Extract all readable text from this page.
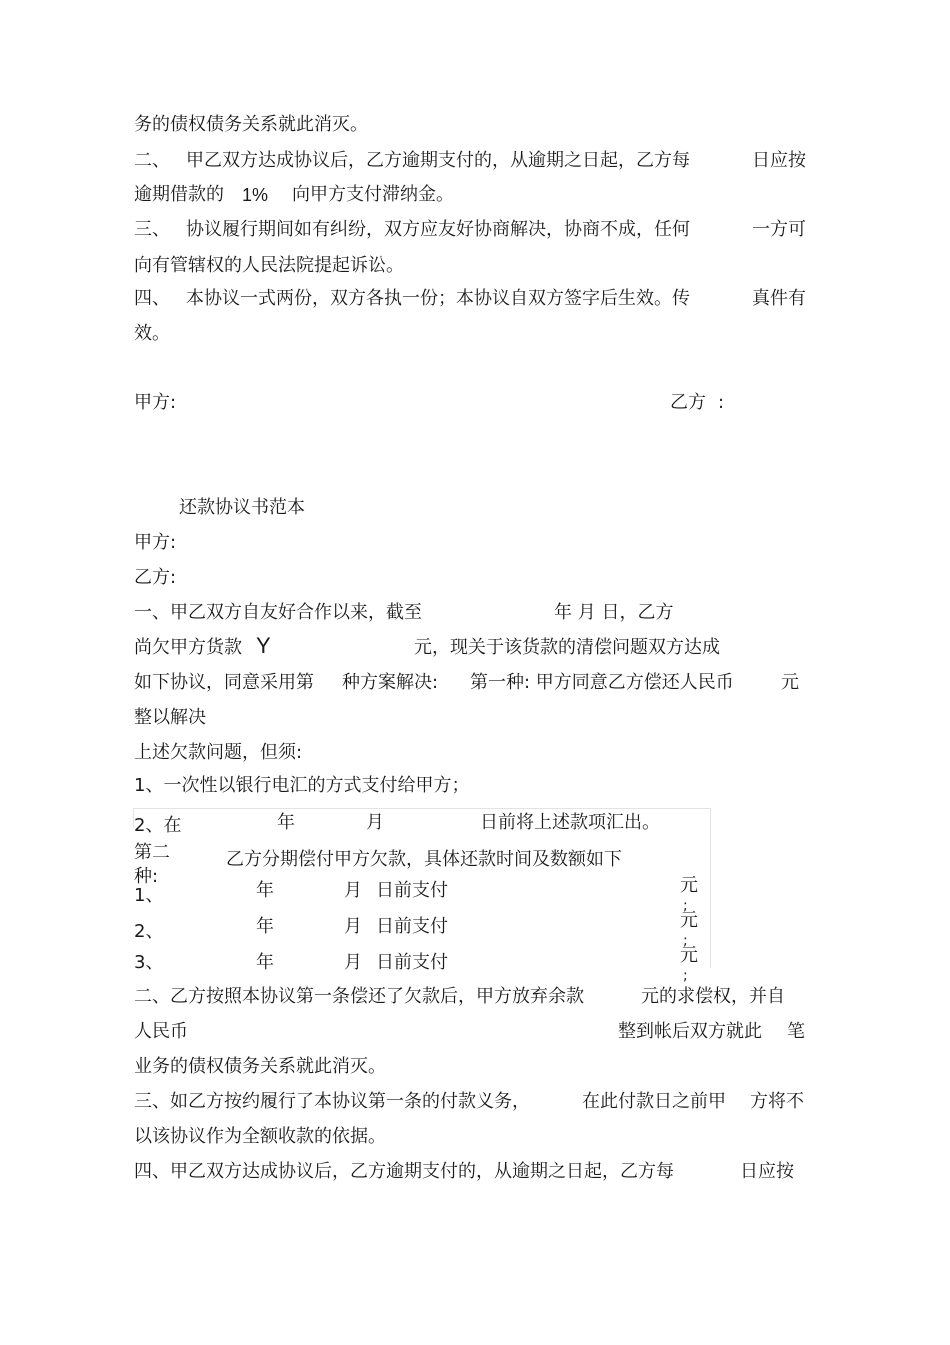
务的债权债务关系就此消灭。
二、 甲乙双方达成协议后，乙方逾期支付的，从逾期之日起，乙方每	日应按
逾期借款的 1% 向甲方支付滞纳金。
三、 协议履行期间如有纠纷，双方应友好协商解决，协商不成，任何	一方可
向有管辖权的人民法院提起诉讼。
四、 本协议一式两份，双方各执一份；本协议自双方签字后生效。传	真件有
效。
甲方:	乙方 :
还款协议书范本
甲方:
乙方:
一、甲乙双方自友好合作以来，截至	年 月 日，乙方
尚欠甲方货款 Y	元，现关于该货款的清偿问题双方达成
如下协议，同意采用第 种方案解决: 第一种: 甲方同意乙方偿还人民币	元
整以解决
上述欠款问题，但须:
1、一次性以银行电汇的方式支付给甲方；
2、在	年	月	日前将上述款项汇出。
第二
种:
乙方分期偿付甲方欠款，具体还款时间及数额如下
1、	年	月 日前支付	元
;
2、	年	月 日前支付	元
;
3、	年	月 日前支付	元
;
二、乙方按照本协议第一条偿还了欠款后，甲方放弃余款	元的求偿权，并自
人民币	整到帐后双方就此 笔
业务的债权债务关系就此消灭。
三、如乙方按约履行了本协议第一条的付款义务，	在此付款日之前甲 方将不
以该协议作为全额收款的依据。
四、甲乙双方达成协议后，乙方逾期支付的，从逾期之日起，乙方每	日应按
